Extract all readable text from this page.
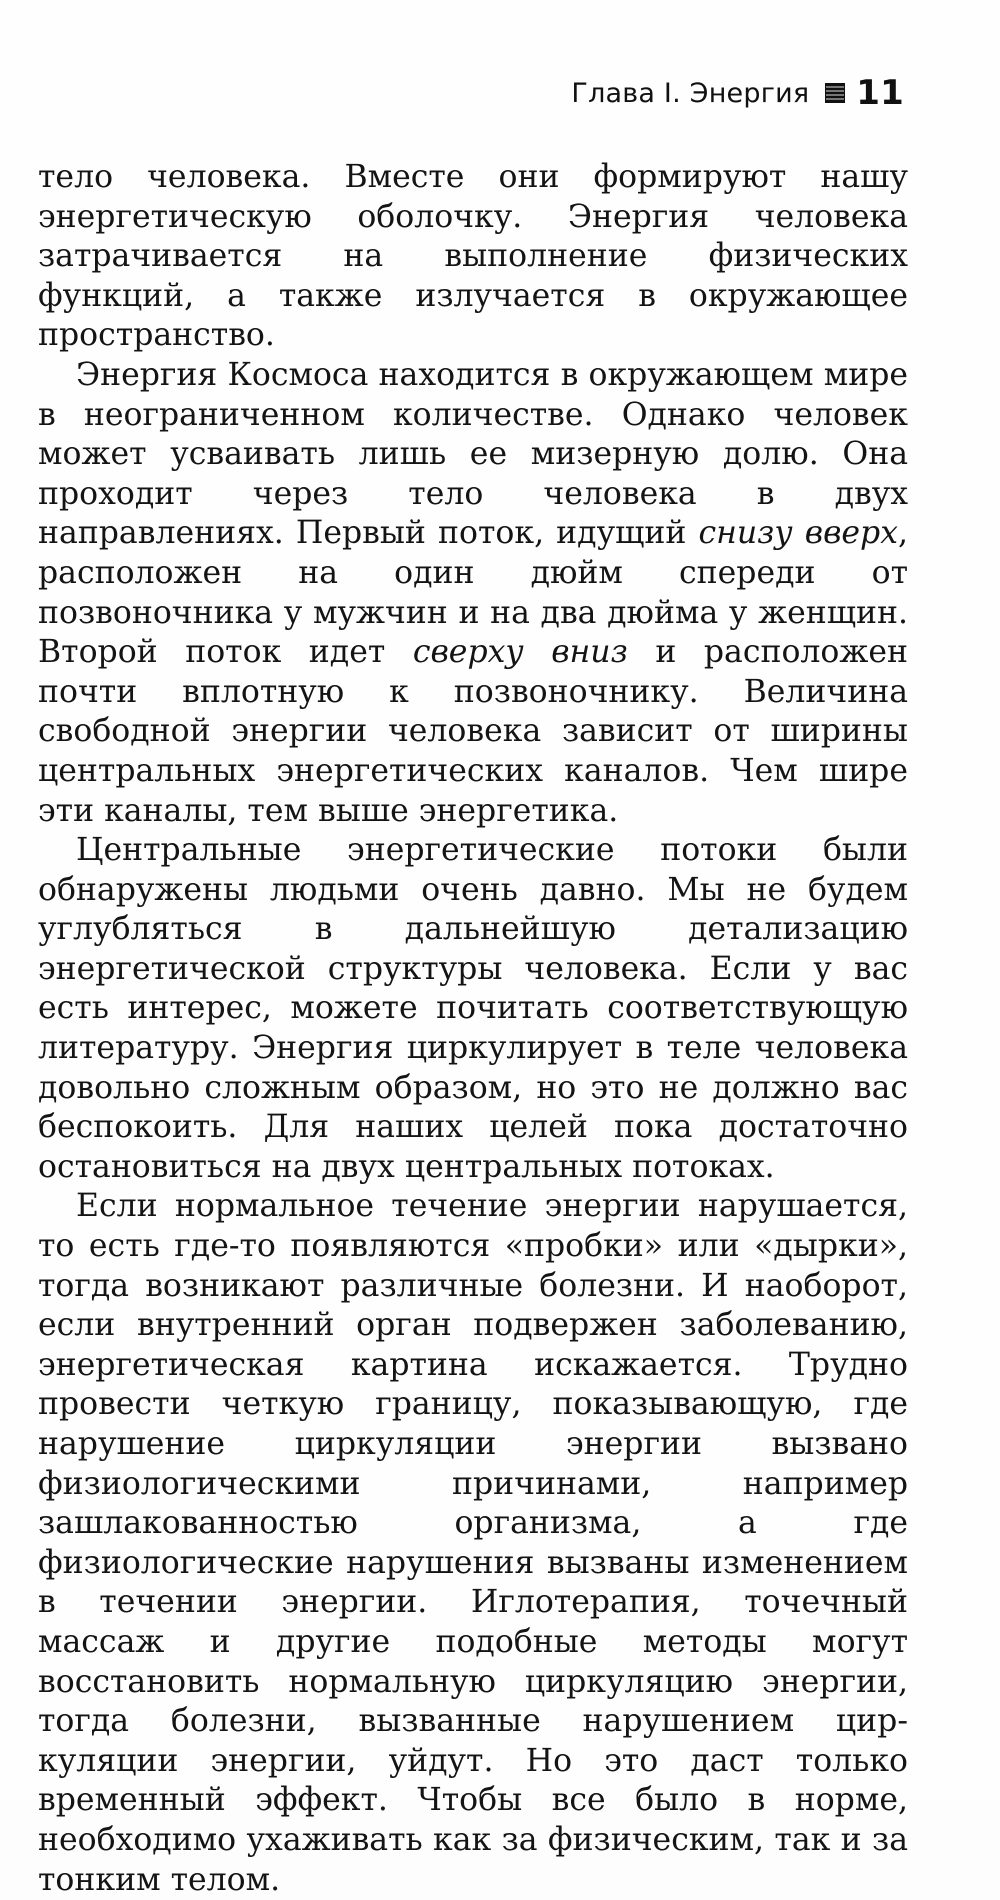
Глава I. Энергия 11

тело человека. Вместе они формируют нашу энергетическую оболочку. Энергия человека затрачивается на выполнение физических функций, а также излучается в окружающее пространство.

Энергия Космоса находится в окружающем мире в неограниченном количестве. Однако человек может усваивать лишь ее мизерную долю. Она проходит через тело человека в двух направлениях. Первый поток, идущий снизу вверх, расположен на один дюйм спереди от позвоночника у мужчин и на два дюйма у женщин. Второй поток идет сверху вниз и расположен почти вплотную к позвоночнику. Величина свободной энергии человека зависит от ширины центральных энергетических каналов. Чем шире эти каналы, тем выше энергетика.

Центральные энергетические потоки были обнаружены людьми очень давно. Мы не будем углубляться в дальнейшую детализацию энергетической структуры человека. Если у вас есть интерес, можете почитать соответствующую литературу. Энергия циркулирует в теле человека довольно сложным образом, но это не должно вас беспокоить. Для наших целей пока достаточно остановиться на двух центральных потоках.

Если нормальное течение энергии нарушается, то есть где-то появляются «пробки» или «дырки», тогда возникают различные болезни. И наоборот, если внутренний орган подвержен заболеванию, энергетическая картина искажается. Трудно провести четкую границу, показывающую, где нарушение циркуляции энергии вызвано физиологическими причинами, например зашлакованностью организма, а где физиологические нарушения вызваны изменением в течении энергии. Иглотерапия, точечный массаж и другие подобные методы могут восстановить нормальную циркуляцию энергии, тогда болезни, вызванные нарушением циркуляции энергии, уйдут. Но это даст только временный эффект. Чтобы все было в норме, необходимо ухаживать как за физическим, так и за тонким телом.
